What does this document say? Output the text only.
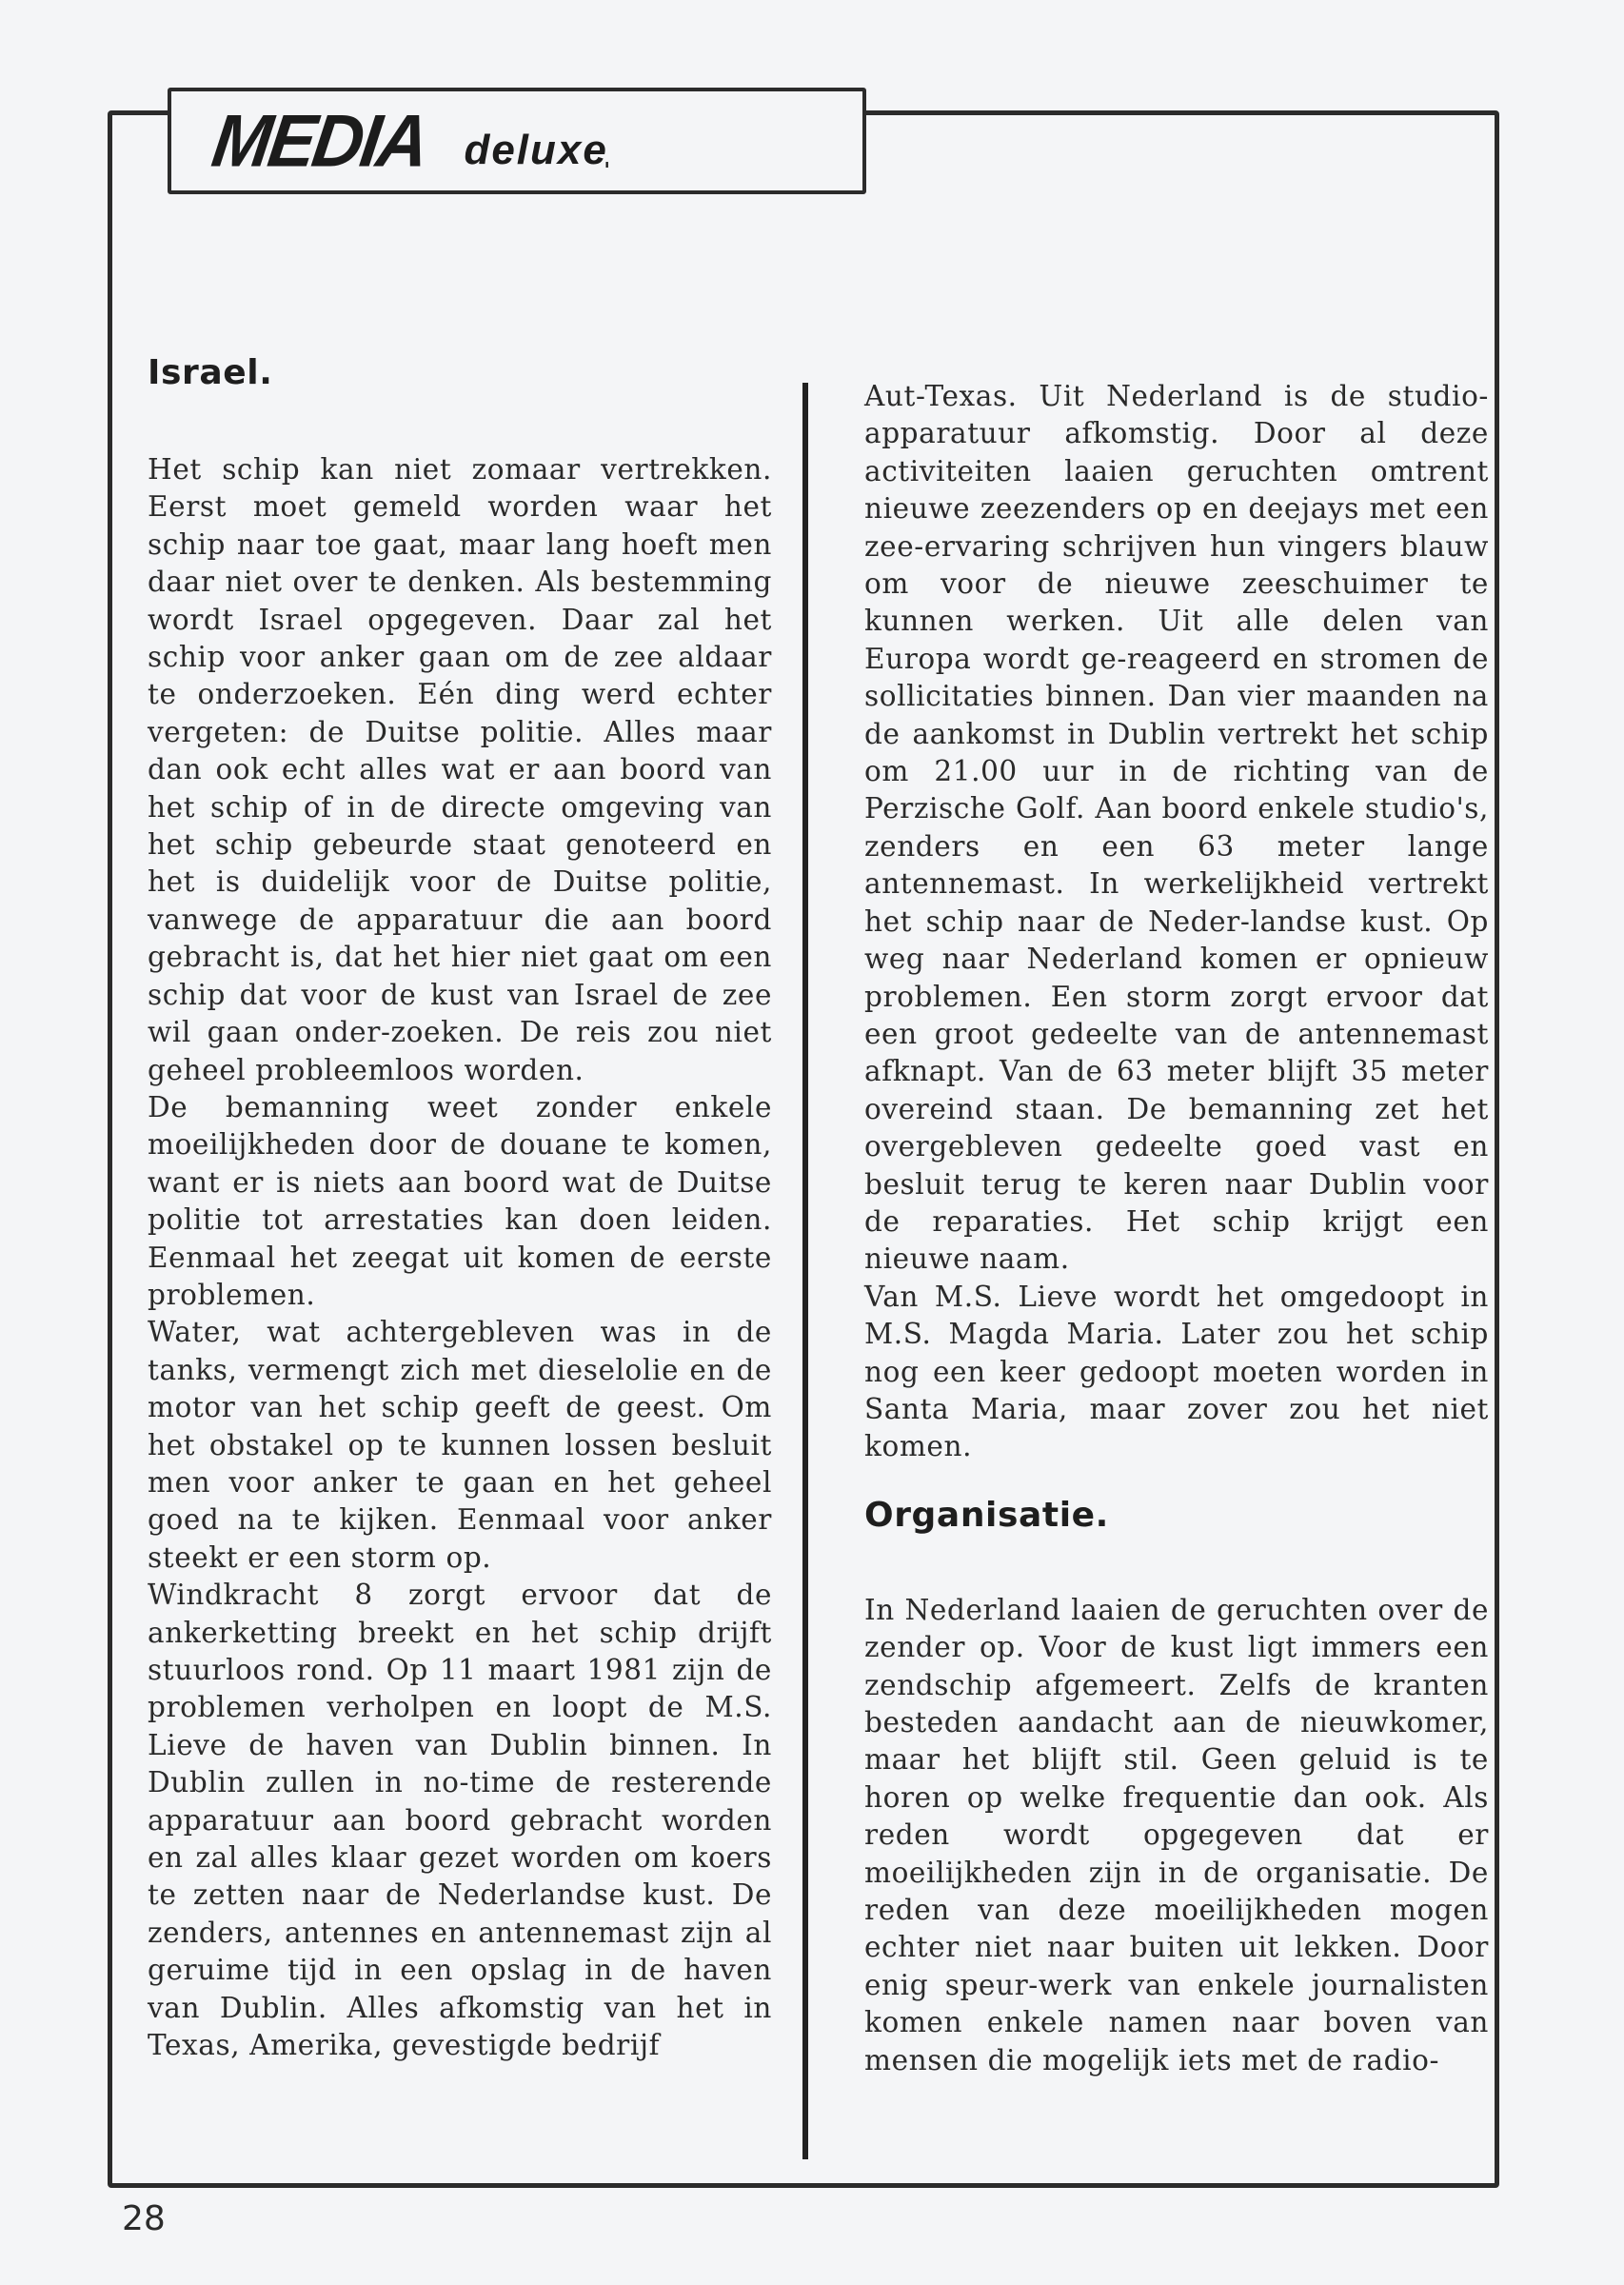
MEDIA deluxe
Israel.

Het schip kan niet zomaar vertrekken. Eerst moet gemeld worden waar het schip naar toe gaat, maar lang hoeft men daar niet over te denken. Als bestemming wordt Israel opgegeven. Daar zal het schip voor anker gaan om de zee aldaar te onderzoeken. Eén ding werd echter vergeten: de Duitse politie. Alles maar dan ook echt alles wat er aan boord van het schip of in de directe omgeving van het schip gebeurde staat genoteerd en het is duidelijk voor de Duitse politie, vanwege de apparatuur die aan boord gebracht is, dat het hier niet gaat om een schip dat voor de kust van Israel de zee wil gaan onder-zoeken. De reis zou niet geheel probleemloos worden.

De bemanning weet zonder enkele moeilijkheden door de douane te komen, want er is niets aan boord wat de Duitse politie tot arrestaties kan doen leiden. Eenmaal het zeegat uit komen de eerste problemen.

Water, wat achtergebleven was in de tanks, vermengt zich met dieselolie en de motor van het schip geeft de geest. Om het obstakel op te kunnen lossen besluit men voor anker te gaan en het geheel goed na te kijken. Eenmaal voor anker steekt er een storm op.

Windkracht 8 zorgt ervoor dat de ankerketting breekt en het schip drijft stuurloos rond. Op 11 maart 1981 zijn de problemen verholpen en loopt de M.S. Lieve de haven van Dublin binnen. In Dublin zullen in no-time de resterende apparatuur aan boord gebracht worden en zal alles klaar gezet worden om koers te zetten naar de Nederlandse kust. De zenders, antennes en antennemast zijn al geruime tijd in een opslag in de haven van Dublin. Alles afkomstig van het in Texas, Amerika, gevestigde bedrijf

Aut-Texas. Uit Nederland is de studio-apparatuur afkomstig. Door al deze activiteiten laaien geruchten omtrent nieuwe zeezenders op en deejays met een zee-ervaring schrijven hun vingers blauw om voor de nieuwe zeeschuimer te kunnen werken. Uit alle delen van Europa wordt ge-reageerd en stromen de sollicitaties binnen. Dan vier maanden na de aankomst in Dublin vertrekt het schip om 21.00 uur in de richting van de Perzische Golf. Aan boord enkele studio's, zenders en een 63 meter lange antennemast. In werkelijkheid vertrekt het schip naar de Neder-landse kust. Op weg naar Nederland komen er opnieuw problemen. Een storm zorgt ervoor dat een groot gedeelte van de antennemast afknapt. Van de 63 meter blijft 35 meter overeind staan. De bemanning zet het overgebleven gedeelte goed vast en besluit terug te keren naar Dublin voor de reparaties. Het schip krijgt een nieuwe naam.

Van M.S. Lieve wordt het omgedoopt in M.S. Magda Maria. Later zou het schip nog een keer gedoopt moeten worden in Santa Maria, maar zover zou het niet komen.

Organisatie.

In Nederland laaien de geruchten over de zender op. Voor de kust ligt immers een zendschip afgemeert. Zelfs de kranten besteden aandacht aan de nieuwkomer, maar het blijft stil. Geen geluid is te horen op welke frequentie dan ook. Als reden wordt opgegeven dat er moeilijkheden zijn in de organisatie. De reden van deze moeilijkheden mogen echter niet naar buiten uit lekken. Door enig speur-werk van enkele journalisten komen enkele namen naar boven van mensen die mogelijk iets met de radio-

28
